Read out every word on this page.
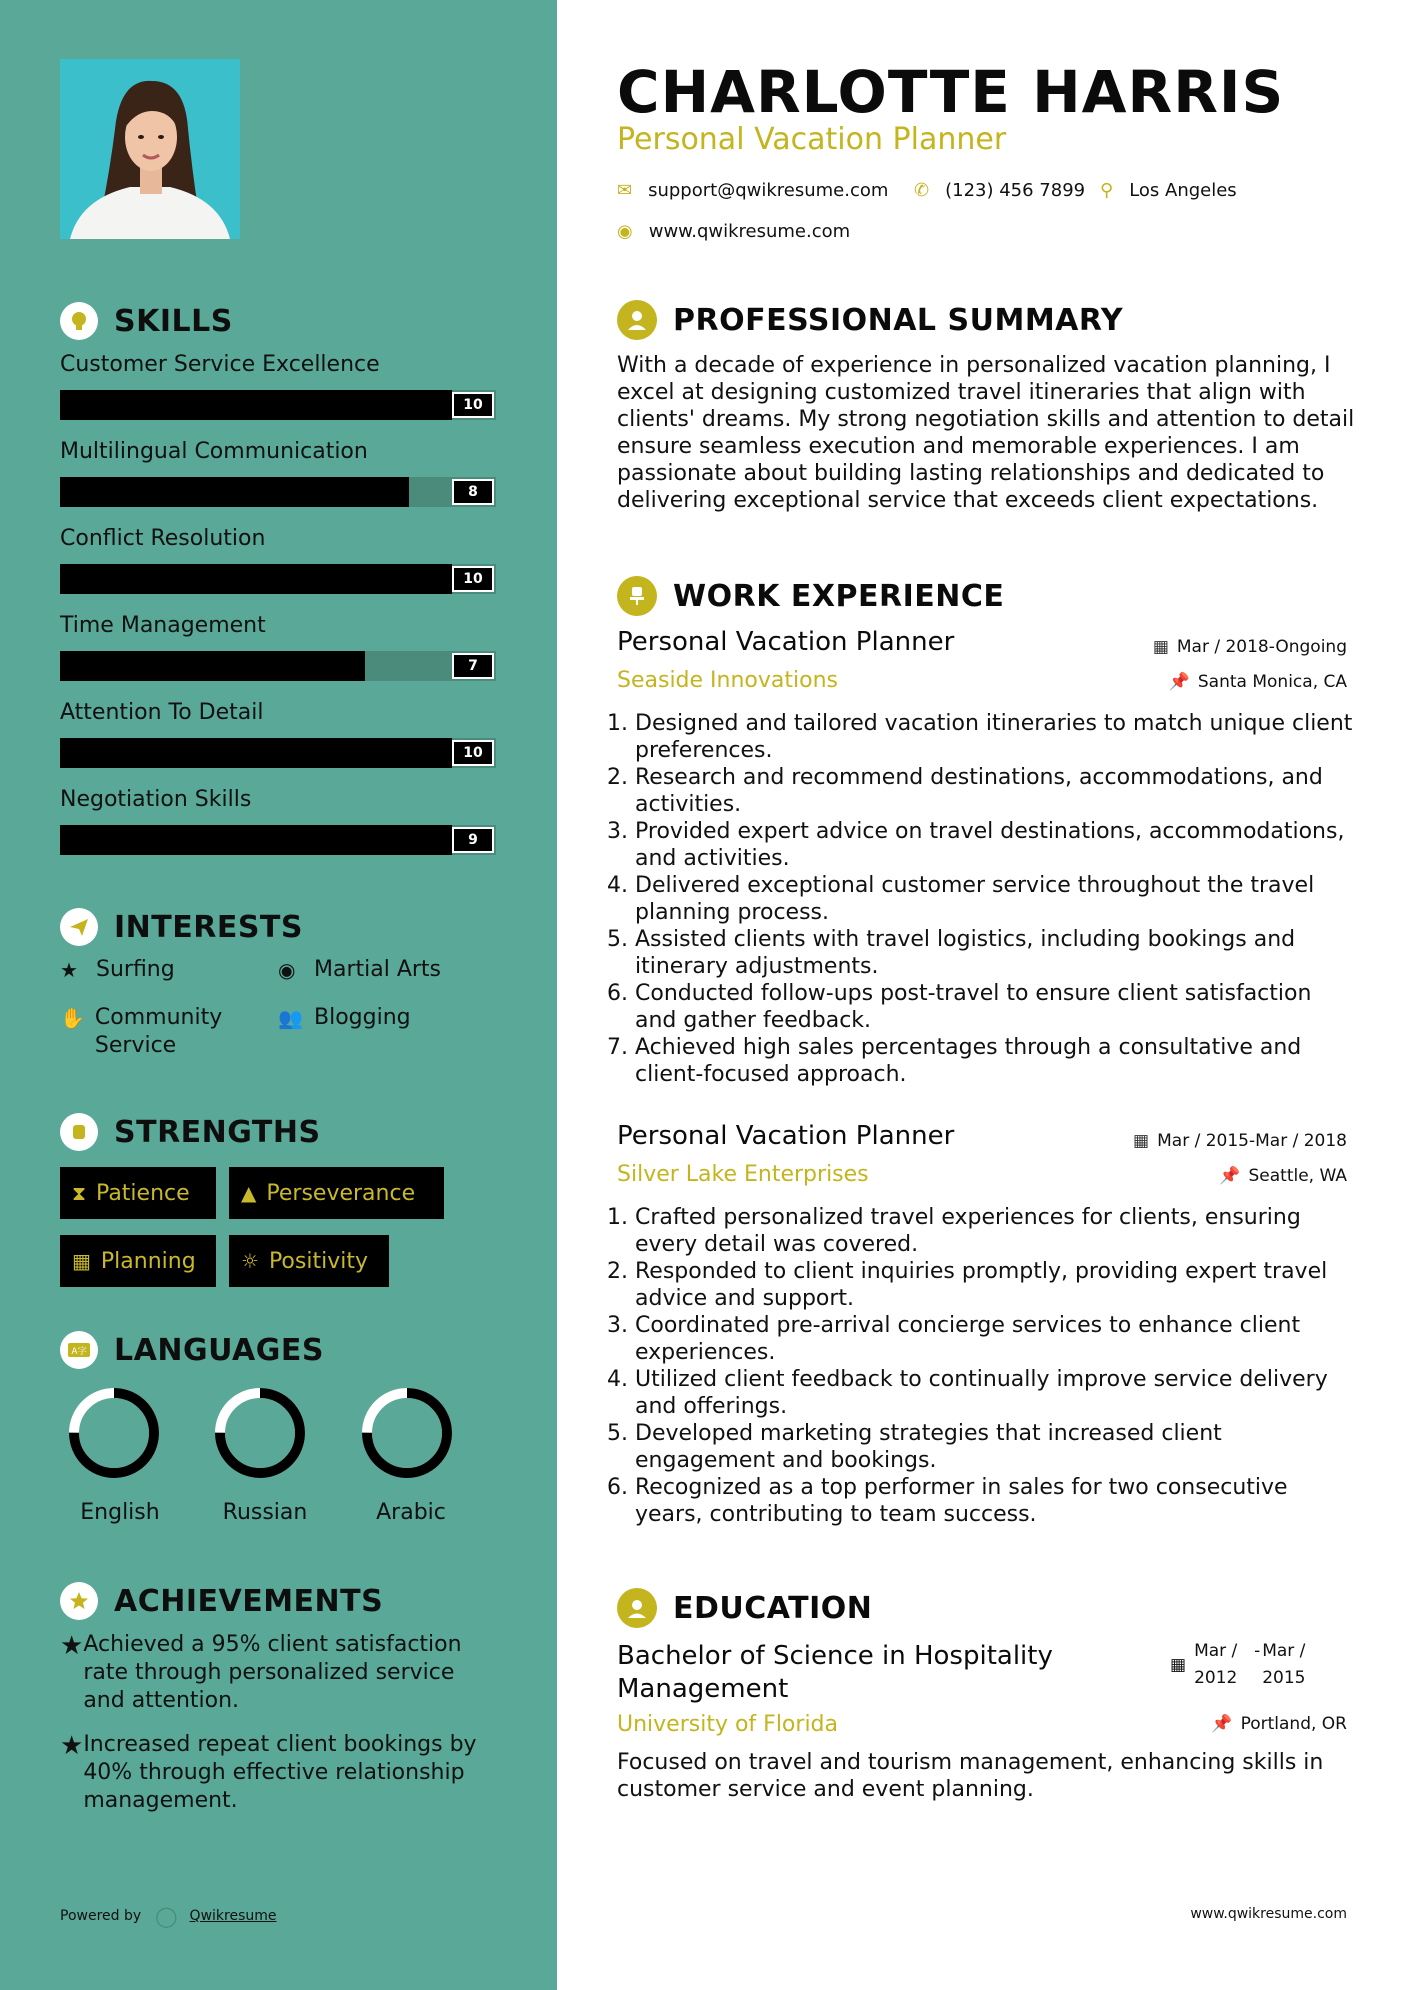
SKILLS
Customer Service Excellence
10
Multilingual Communication
8
Conflict Resolution
10
Time Management
7
Attention To Detail
10
Negotiation Skills
9
INTERESTS
★ Surfing	◉ Martial Arts
✋ Community Service
👥 Blogging
STRENGTHS
⧗ Patience	▲ Perseverance
▦ Planning ☼ Positivity
A字 LANGUAGES
English	Russian	Arabic
ACHIEVEMENTS
★ Achieved a 95% client satisfaction rate through personalized service and attention.
★ Increased repeat client bookings by 40% through effective relationship management.
Powered by ◯ Qwikresume
CHARLOTTE HARRIS
Personal Vacation Planner
✉ support@qwikresume.com ✆ (123) 456 7899 ⚲ Los Angeles
◉ www.qwikresume.com
PROFESSIONAL SUMMARY
With a decade of experience in personalized vacation planning, I excel at designing customized travel itineraries that align with clients' dreams. My strong negotiation skills and attention to detail ensure seamless execution and memorable experiences. I am passionate about building lasting relationships and dedicated to delivering exceptional service that exceeds client expectations.
WORK EXPERIENCE
Personal Vacation Planner	▦ Mar / 2018-Ongoing
Seaside Innovations	📌 Santa Monica, CA
1. Designed and tailored vacation itineraries to match unique client preferences.
2. Research and recommend destinations, accommodations, and activities.
3. Provided expert advice on travel destinations, accommodations, and activities.
4. Delivered exceptional customer service throughout the travel planning process.
5. Assisted clients with travel logistics, including bookings and itinerary adjustments.
6. Conducted follow-ups post-travel to ensure client satisfaction and gather feedback.
7. Achieved high sales percentages through a consultative and client-focused approach.
Personal Vacation Planner	▦ Mar / 2015-Mar / 2018
Silver Lake Enterprises	📌 Seattle, WA
1. Crafted personalized travel experiences for clients, ensuring every detail was covered.
2. Responded to client inquiries promptly, providing expert travel advice and support.
3. Coordinated pre-arrival concierge services to enhance client experiences.
4. Utilized client feedback to continually improve service delivery and offerings.
5. Developed marketing strategies that increased client engagement and bookings.
6. Recognized as a top performer in sales for two consecutive years, contributing to team success.
EDUCATION
Bachelor of Science in Hospitality Management
▦
Mar / 2012
- Mar / 2015
University of Florida	📌 Portland, OR
Focused on travel and tourism management, enhancing skills in customer service and event planning.
www.qwikresume.com
